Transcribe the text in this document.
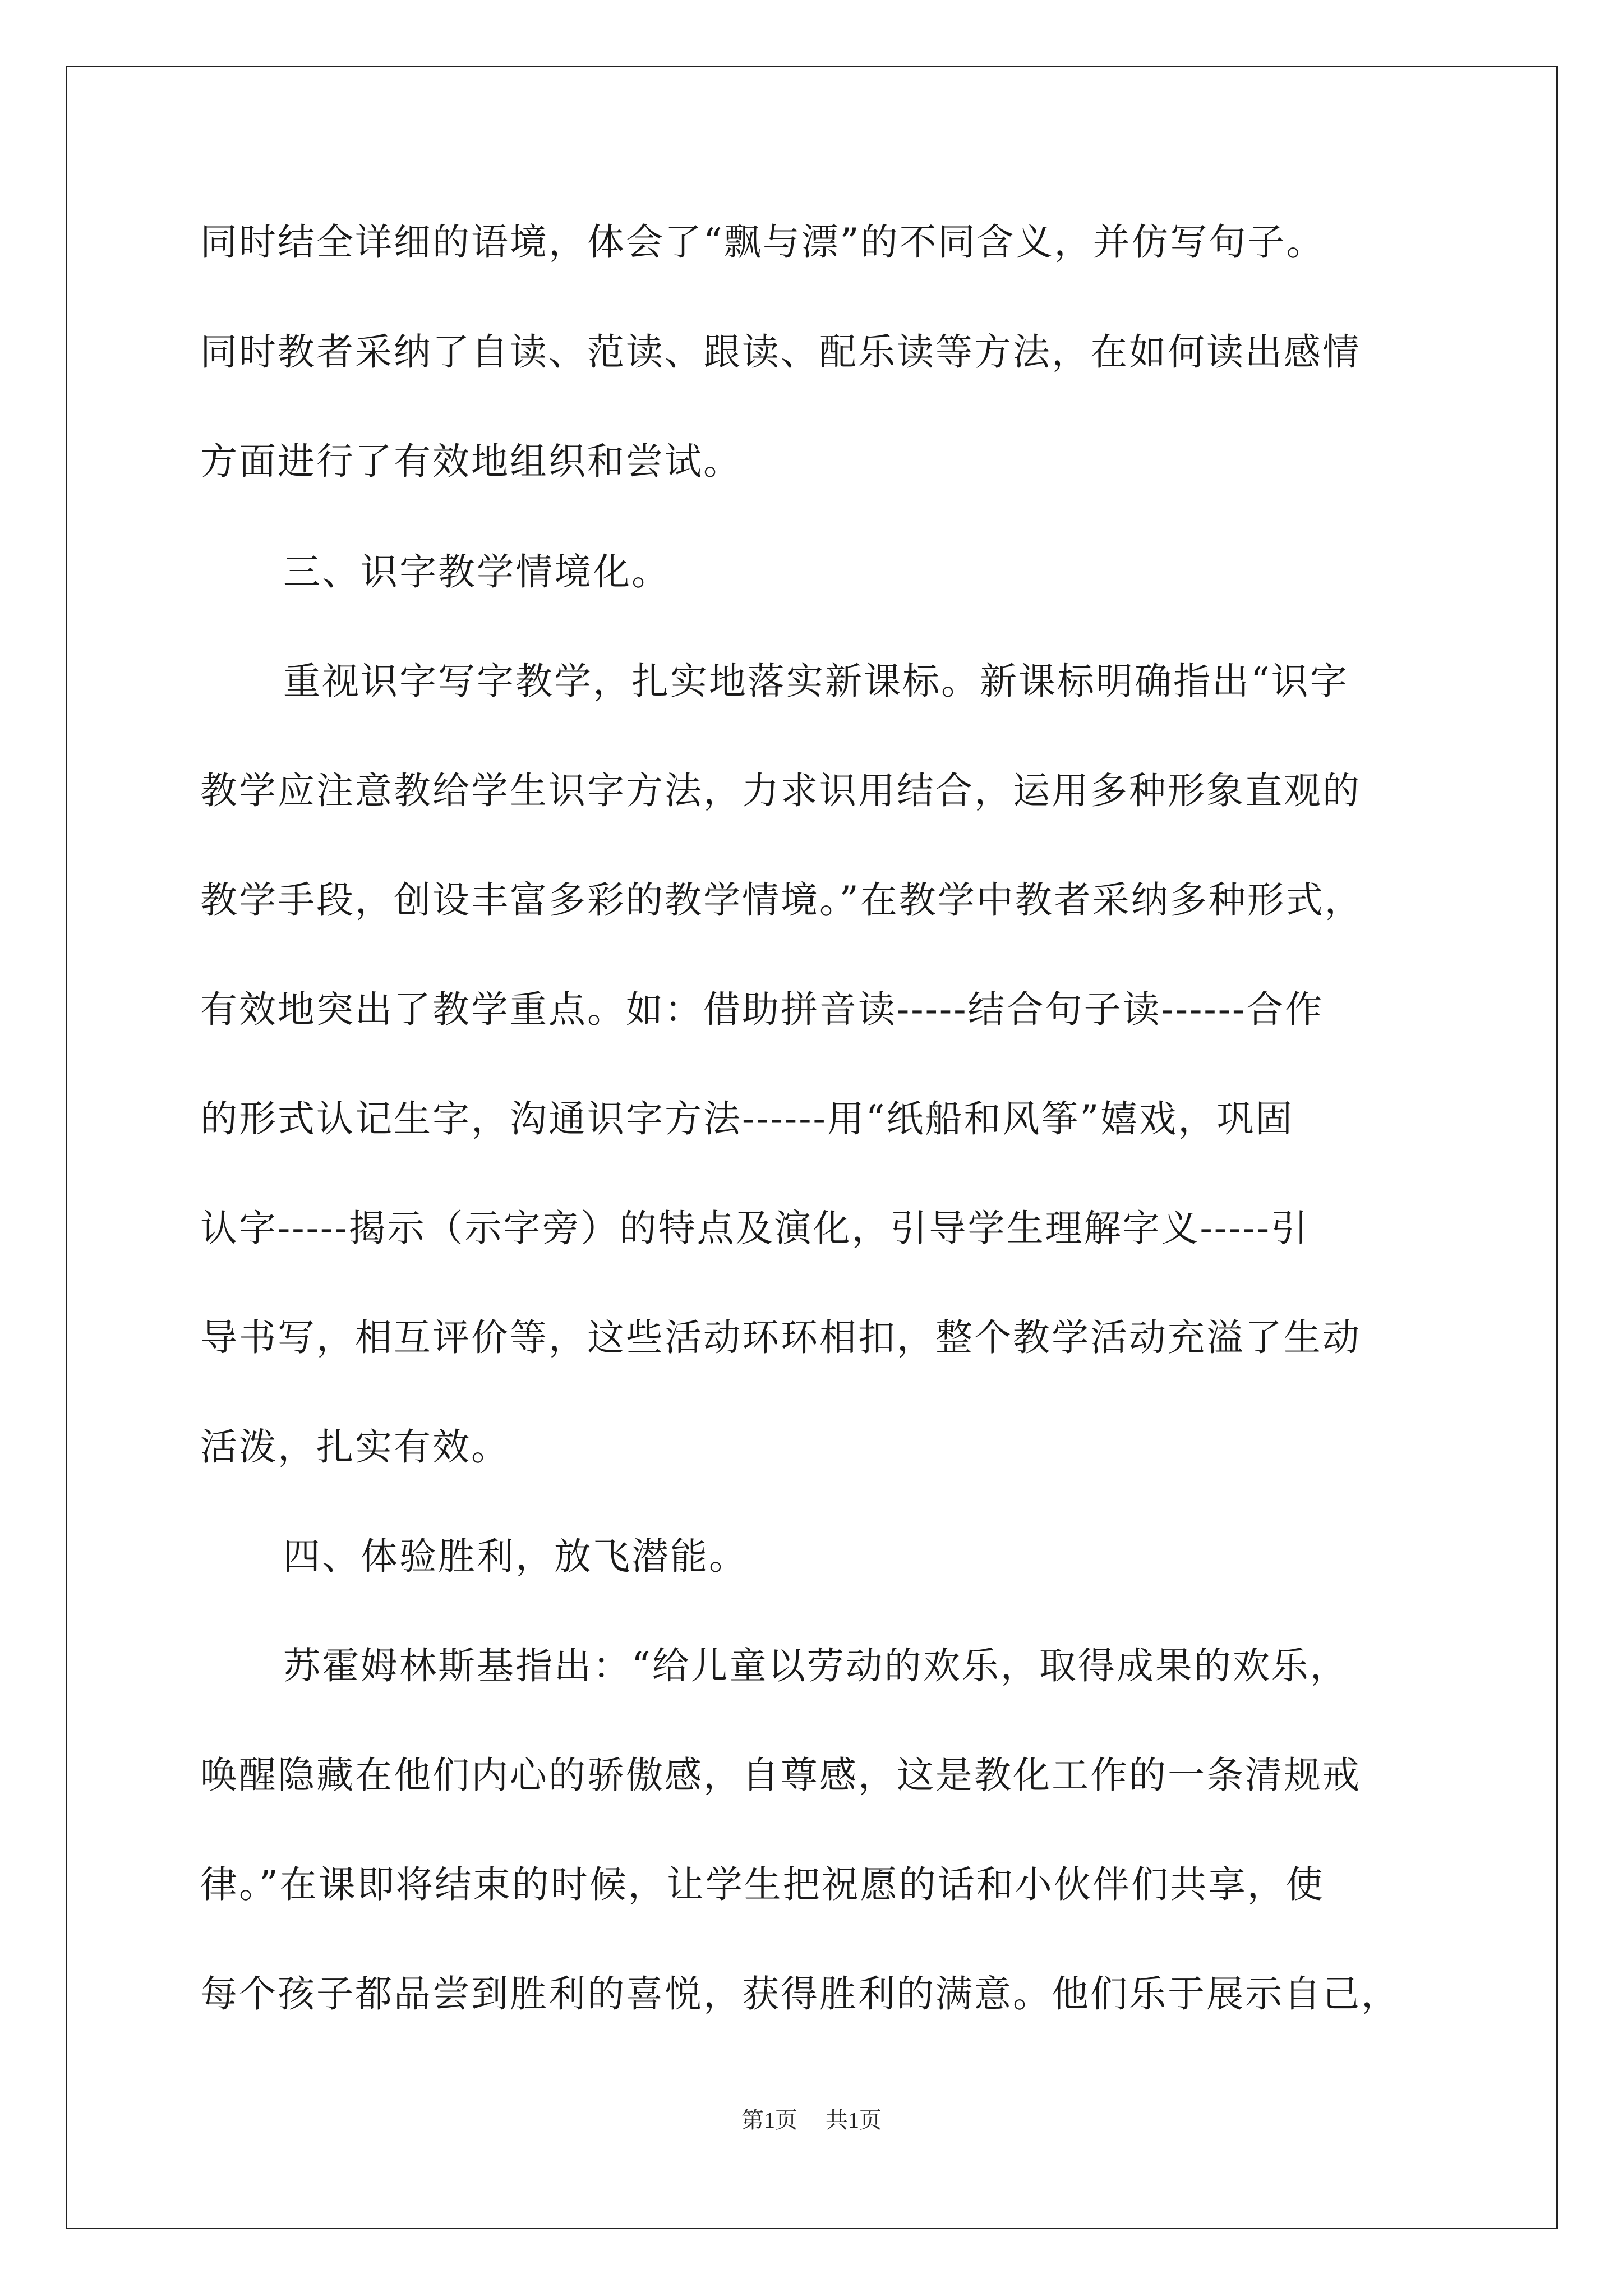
同时结全详细的语境，体会了“飘与漂”的不同含义，并仿写句子。
同时教者采纳了自读、范读、跟读、配乐读等方法，在如何读出感情
方面进行了有效地组织和尝试。
三、识字教学情境化。
重视识字写字教学，扎实地落实新课标。新课标明确指出“识字
教学应注意教给学生识字方法，力求识用结合，运用多种形象直观的
教学手段，创设丰富多彩的教学情境。”在教学中教者采纳多种形式，
有效地突出了教学重点。如：借助拼音读-----结合句子读------合作
的形式认记生字，沟通识字方法------用“纸船和风筝”嬉戏，巩固
认字-----揭示（示字旁）的特点及演化，引导学生理解字义-----引
导书写，相互评价等，这些活动环环相扣，整个教学活动充溢了生动
活泼，扎实有效。
四、体验胜利，放飞潜能。
苏霍姆林斯基指出：“给儿童以劳动的欢乐，取得成果的欢乐，
唤醒隐藏在他们内心的骄傲感，自尊感，这是教化工作的一条清规戒
律。”在课即将结束的时候，让学生把祝愿的话和小伙伴们共享，使
每个孩子都品尝到胜利的喜悦，获得胜利的满意。他们乐于展示自己，
第1页 共1页
